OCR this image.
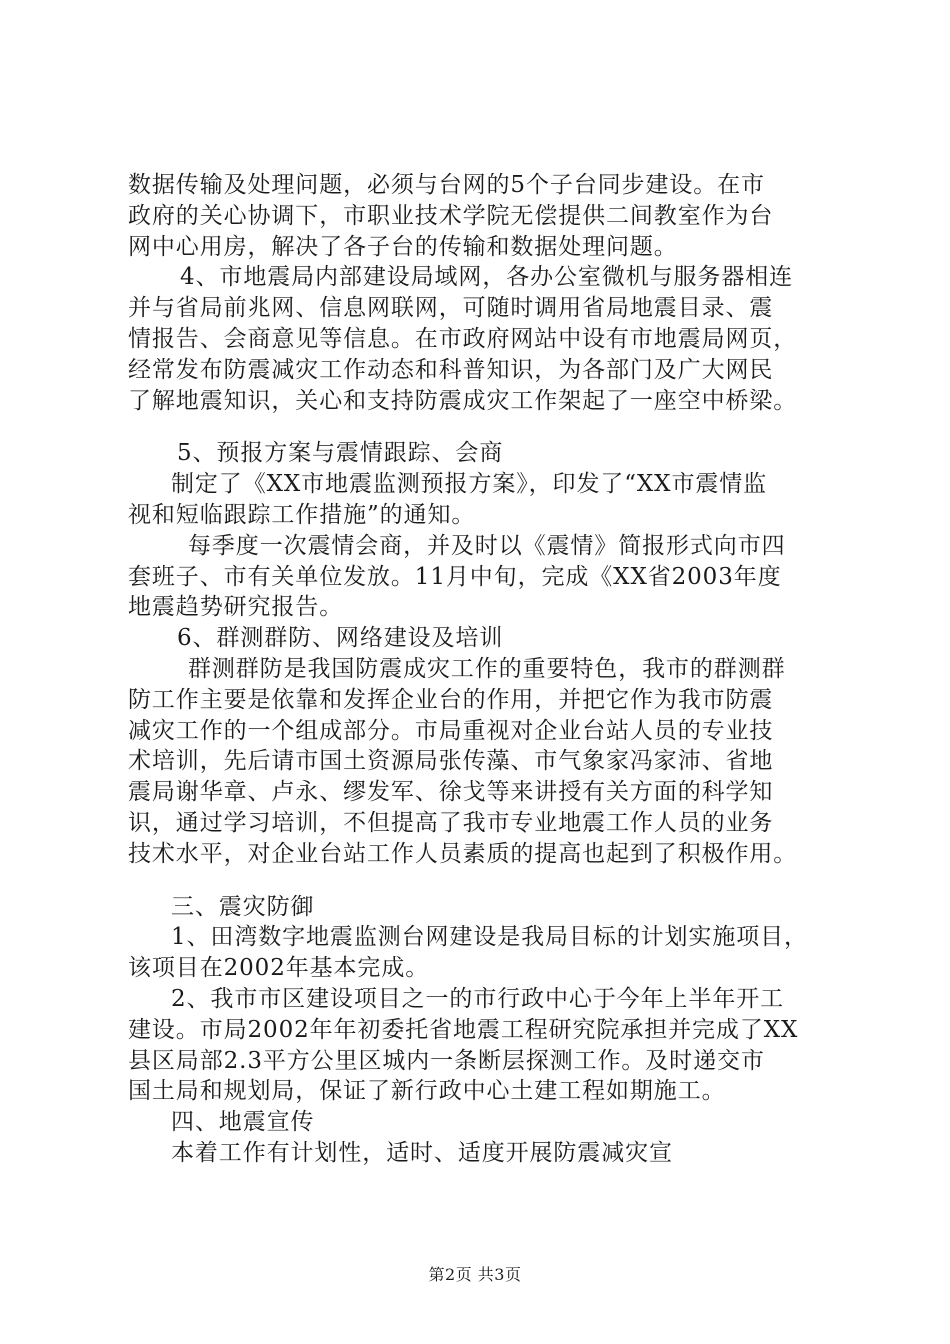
数据传输及处理问题，必须与台网的5个子台同步建设。在市
政府的关心协调下，市职业技术学院无偿提供二间教室作为台
网中心用房，解决了各子台的传输和数据处理问题。
4、市地震局内部建设局域网，各办公室微机与服务器相连
并与省局前兆网、信息网联网，可随时调用省局地震目录、震
情报告、会商意见等信息。在市政府网站中设有市地震局网页，
经常发布防震减灾工作动态和科普知识，为各部门及广大网民
了解地震知识，关心和支持防震成灾工作架起了一座空中桥梁。
5、预报方案与震情跟踪、会商
制定了《XX市地震监测预报方案》，印发了“XX市震情监
视和短临跟踪工作措施”的通知。
每季度一次震情会商，并及时以《震情》简报形式向市四
套班子、市有关单位发放。11月中旬，完成《XX省2003年度
地震趋势研究报告。
6、群测群防、网络建设及培训
群测群防是我国防震成灾工作的重要特色，我市的群测群
防工作主要是依靠和发挥企业台的作用，并把它作为我市防震
减灾工作的一个组成部分。市局重视对企业台站人员的专业技
术培训，先后请市国土资源局张传藻、市气象家冯家沛、省地
震局谢华章、卢永、缪发军、徐戈等来讲授有关方面的科学知
识，通过学习培训，不但提高了我市专业地震工作人员的业务
技术水平，对企业台站工作人员素质的提高也起到了积极作用。
三、震灾防御
1、田湾数字地震监测台网建设是我局目标的计划实施项目，
该项目在2002年基本完成。
2、我市市区建设项目之一的市行政中心于今年上半年开工
建设。市局2002年年初委托省地震工程研究院承担并完成了XX
县区局部2.3平方公里区城内一条断层探测工作。及时递交市
国土局和规划局，保证了新行政中心土建工程如期施工。
四、地震宣传
本着工作有计划性，适时、适度开展防震减灾宣
第2页 共3页
